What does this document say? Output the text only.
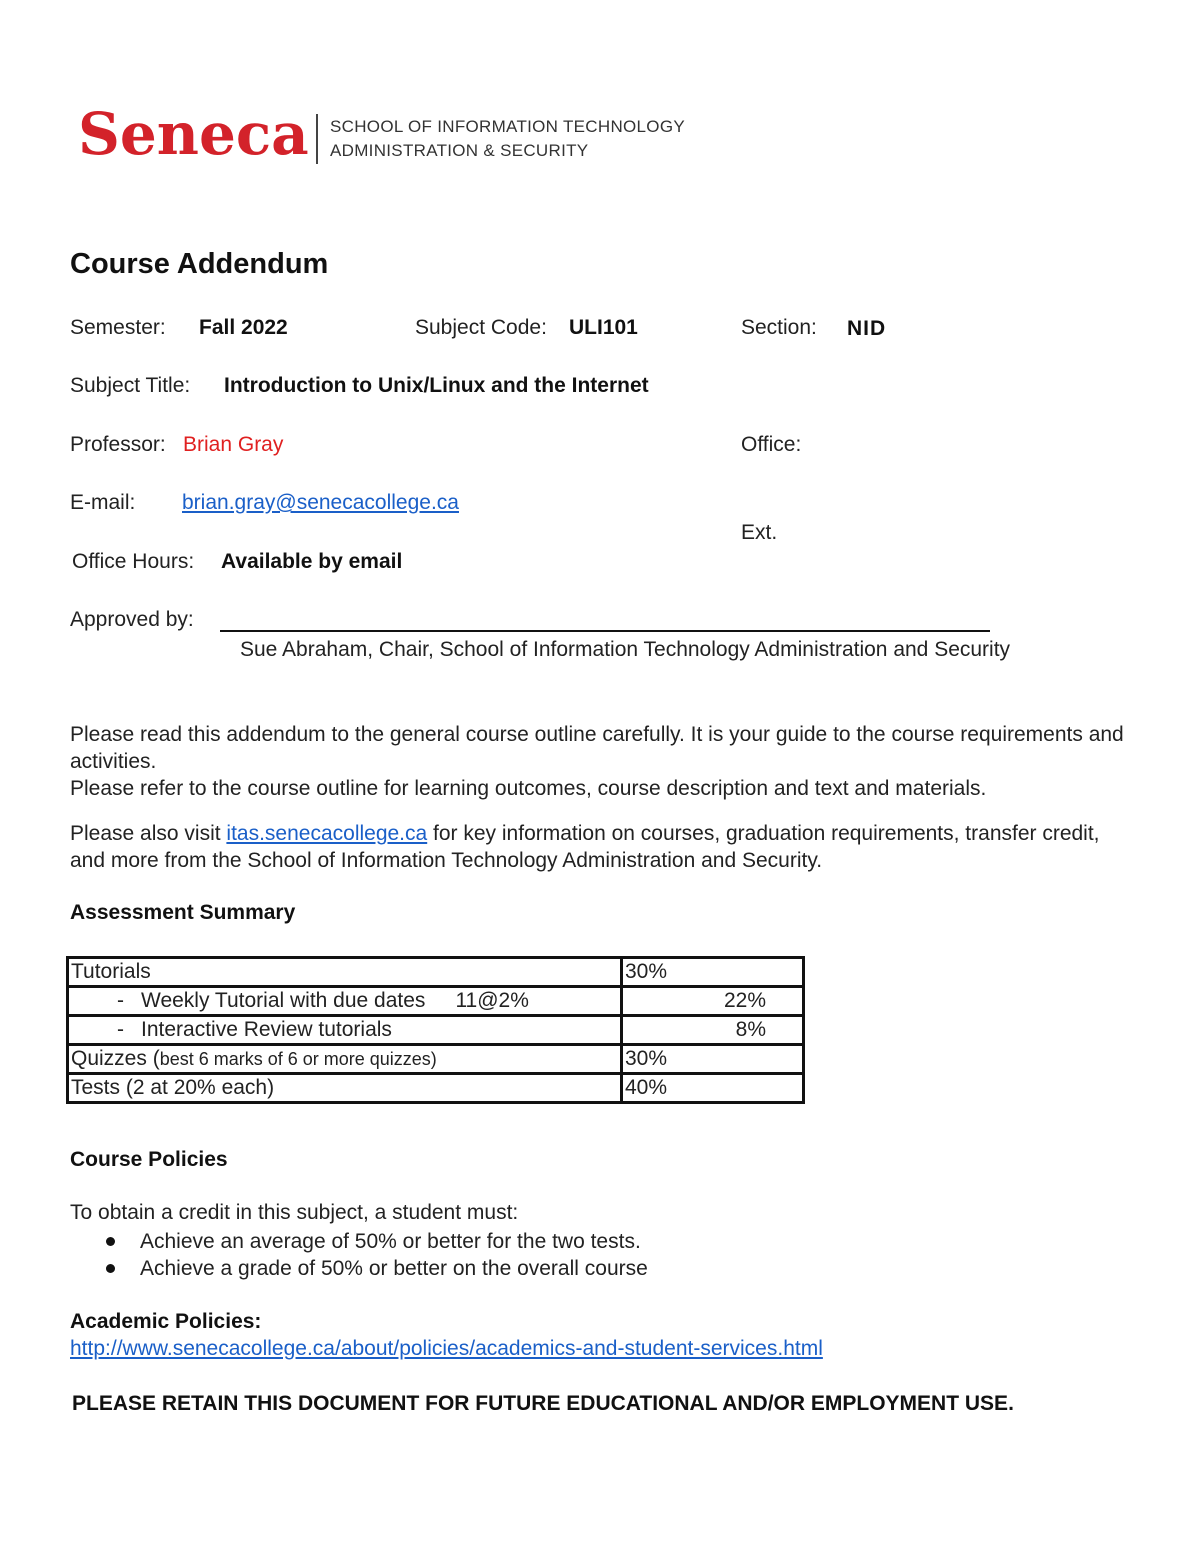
Seneca SCHOOL OF INFORMATION TECHNOLOGY
ADMINISTRATION & SECURITY
Course Addendum
Semester: Fall 2022	Subject Code: ULI101	Section: NID
Subject Title: Introduction to Unix/Linux and the Internet
Professor: Brian Gray	Office:
E-mail: brian.gray@senecacollege.ca
Ext.
Office Hours: Available by email
Approved by:
Sue Abraham, Chair, School of Information Technology Administration and Security
Please read this addendum to the general course outline carefully. It is your guide to the course requirements and activities.
Please refer to the course outline for learning outcomes, course description and text and materials.
Please also visit itas.senecacollege.ca for key information on courses, graduation requirements, transfer credit, and more from the School of Information Technology Administration and Security.
Assessment Summary
Tutorials	30%
- Weekly Tutorial with due dates 11@2%	22%
- Interactive Review tutorials	8%
Quizzes (best 6 marks of 6 or more quizzes)	30%
Tests (2 at 20% each)	40%
Course Policies
To obtain a credit in this subject, a student must:
Achieve an average of 50% or better for the two tests.
Achieve a grade of 50% or better on the overall course
Academic Policies:
http://www.senecacollege.ca/about/policies/academics-and-student-services.html
PLEASE RETAIN THIS DOCUMENT FOR FUTURE EDUCATIONAL AND/OR EMPLOYMENT USE.
